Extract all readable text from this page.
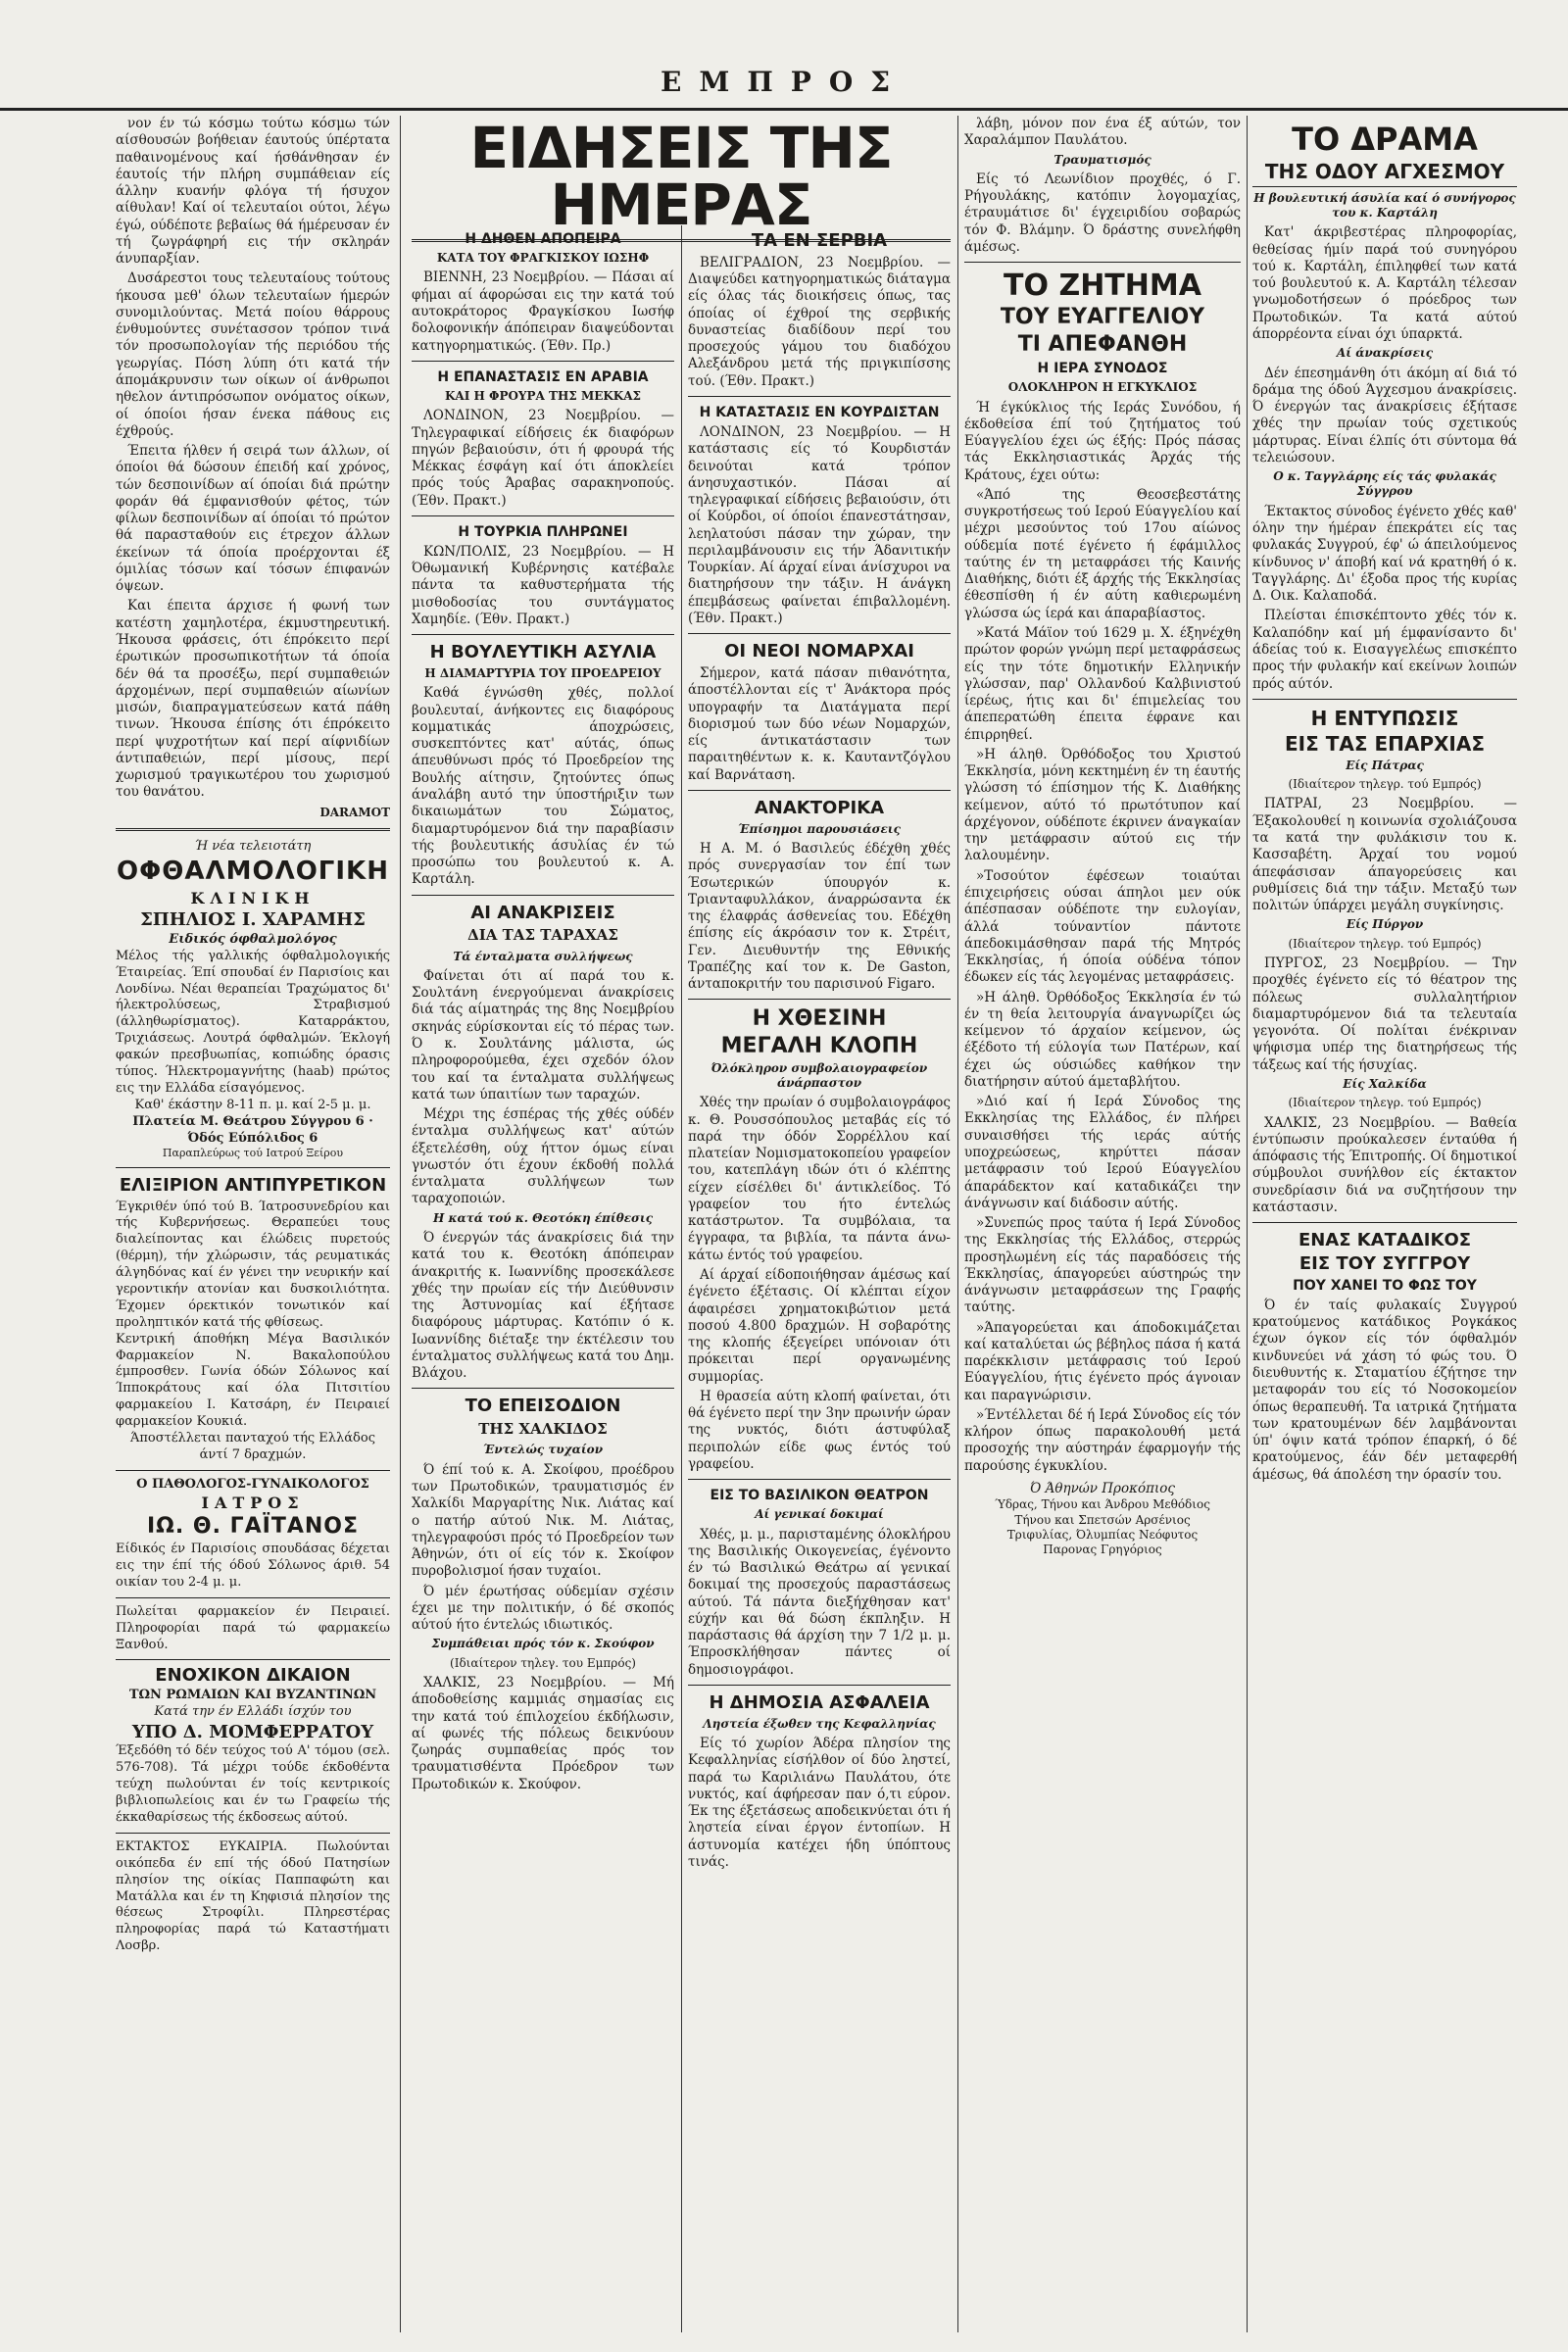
ΕΜΠΡΟΣ

νον έν τώ κόσμω τούτω κόσμω τών αίσθουσών βοήθειαν έαυτούς ύπέρτατα παθαινομένους καί ήσθάνθησαν έν έαυτοίς τήν πλήρη συμπάθειαν είς άλλην κυανήν φλόγα τή ήσυχον αίθυλαν! Καί οί τελευταίοι ούτοι, λέγω έγώ, ούδέποτε βεβαίως θά ήμέρευσαν έν τή ζωγράφηρή εις τήν σκληράν άνυπαρξίαν.

Δυσάρεστοι τους τελευταίους τούτους ήκουσα μεθ' όλων τελευταίων ήμερών συνομιλούντας. Μετά ποίου θάρρους ένθυμούντες συνέτασσον τρόπον τινά τόν προσωπολογίαν τής περιόδου τής γεωργίας. Πόση λύπη ότι κατά τήν άπομάκρυνσιν των οίκων οί άνθρωποι ηθελον άντιπρόσωπον ονόματος οίκων, οί όποίοι ήσαν ένεκα πάθους εις έχθρούς.

Έπειτα ήλθεν ή σειρά των άλλων, οί όποίοι θά δώσουν έπειδή καί χρόνος, τών δεσποινίδων αί όποίαι διά πρώτην φοράν θά έμφανισθούν φέτος, τών φίλων δεσποινίδων αί όποίαι τό πρώτον θά παρασταθούν εις έτρεχον άλλων έκείνων τά όποία προέρχονται έξ όμιλίας τόσων καί τόσων έπιφανών όψεων.

Και έπειτα άρχισε ή φωνή των κατέστη χαμηλοτέρα, έκμυστηρευτική. Ήκουσα φράσεις, ότι έπρόκειτο περί έρωτικών προσωπικοτήτων τά όποία δέν θά τα προσέξω, περί συμπαθειών άρχομένων, περί συμπαθειών αίωνίων μισών, διαπραγματεύσεων κατά πάθη τινων. Ήκουσα έπίσης ότι έπρόκειτο περί ψυχροτήτων καί περί αίφνιδίων άντιπαθειών, περί μίσους, περί χωρισμού τραγικωτέρου του χωρισμού του θανάτου.

DARAMOT
Ή νέα τελειοτάτη
ΟΦΘΑΛΜΟΛΟΓΙΚΗ
ΚΛΙΝΙΚΗ
ΣΠΗΛΙΟΣ Ι. ΧΑΡΑΜΗΣ
Ειδικός όφθαλμολόγος
Μέλος τής γαλλικής όφθαλμολογικής Έταιρείας. Έπί σπουδαί έν Παρισίοις και Λονδίνω. Νέαι θεραπείαι Τραχώματος δι' ήλεκτρολύσεως, Στραβισμού (άλληθωρίσματος). Καταρράκτου, Τριχιάσεως. Λουτρά όφθαλμών. Έκλογή φακών πρεσβυωπίας, κοπιώδης όρασις τύπος. Ήλεκτρομαγνήτης (haab) πρώτος εις την Ελλάδα είσαγόμενος.
Καθ' έκάστην 8-11 π. μ. καί 2-5 μ. μ.
Πλατεία Μ. Θεάτρου Σύγγρου 6 · Όδός Εύπόλιδος 6
Παραπλεύρως τού Ιατρού Ξείρου
ΕΛΙΞΙΡΙΟΝ ΑΝΤΙΠΥΡΕΤΙΚΟΝ
Έγκριθέν ύπό τού Β. Ίατροσυνεδρίου και τής Κυβερνήσεως. Θεραπεύει τους διαλείποντας και έλώδεις πυρετούς (θέρμη), τήν χλώρωσιν, τάς ρευματικάς άλγηδόνας καί έν γένει την νευρικήν καί γεροντικήν ατονίαν και δυσκοιλιότητα. Έχομεν όρεκτικόν τονωτικόν καί προληπτικόν κατά τής φθίσεως.
Κεντρική άποθήκη Μέγα Βασιλικόν Φαρμακείον Ν. Βακαλοπούλου έμπροσθεν. Γωνία όδών Σόλωνος καί Ίπποκράτους καί όλα Πιτσιτίου φαρμακείου Ι. Κατσάρη, έν Πειραιεί φαρμακείον Κουκιά.
Άποστέλλεται πανταχού τής Ελλάδος άντί 7 δραχμών.
Ο ΠΑΘΟΛΟΓΟΣ-ΓΥΝΑΙΚΟΛΟΓΟΣ
ΙΑΤΡΟΣ
ΙΩ. Θ. ΓΑΪΤΑΝΟΣ
Είδικός έν Παρισίοις σπουδάσας δέχεται εις την έπί τής όδού Σόλωνος άριθ. 54 οικίαν του 2-4 μ. μ.
Πωλείται φαρμακείον έν Πειραιεί. Πληροφορίαι παρά τώ φαρμακείω Ξανθού.
ΕΝΟΧΙΚΟΝ ΔΙΚΑΙΟΝ
ΤΩΝ ΡΩΜΑΙΩΝ ΚΑΙ ΒΥΖΑΝΤΙΝΩΝ
Κατά την έν Ελλάδι ίσχύν του
ΥΠΟ Δ. ΜΟΜΦΕΡΡΑΤΟΥ
Έξεδόθη τό δέν τεύχος τού Α' τόμου (σελ. 576-708). Τά μέχρι τούδε έκδοθέντα τεύχη πωλούνται έν τοίς κεντρικοίς βιβλιοπωλείοις και έν τω Γραφείω τής έκκαθαρίσεως τής έκδοσεως αύτού.
ΕΚΤΑΚΤΟΣ ΕΥΚΑΙΡΙΑ. Πωλούνται οικόπεδα έν επί τής όδού Πατησίων πλησίον της οίκίας Παππαφώτη και Ματάλλα και έν τη Κηφισιά πλησίον της θέσεως Στροφίλι. Πληρεστέρας πληροφορίας παρά τώ Καταστήματι Λοσβρ.
ΕΙΔΗΣΕΙΣ ΤΗΣ ΗΜΕΡΑΣ
Η ΔΗΘΕΝ ΑΠΟΠΕΙΡΑ
ΚΑΤΑ ΤΟΥ ΦΡΑΓΚΙΣΚΟΥ ΙΩΣΗΦ

ΒΙΕΝΝΗ, 23 Νοεμβρίου. — Πάσαι αί φήμαι αί άφορώσαι εις την κατά τού αυτοκράτορος Φραγκίσκου Ιωσήφ δολοφονικήν άπόπειραν διαψεύδονται κατηγορηματικώς. (Έθν. Πρ.)

Η ΕΠΑΝΑΣΤΑΣΙΣ ΕΝ ΑΡΑΒΙΑ
ΚΑΙ Η ΦΡΟΥΡΑ ΤΗΣ ΜΕΚΚΑΣ

ΛΟΝΔΙΝΟΝ, 23 Νοεμβρίου. — Τηλεγραφικαί είδήσεις έκ διαφόρων πηγών βεβαιούσιν, ότι ή φρουρά τής Μέκκας έσφάγη καί ότι άποκλείει πρός τούς Άραβας σαρακηνοπούς. (Έθν. Πρακτ.)

Η ΤΟΥΡΚΙΑ ΠΛΗΡΩΝΕΙ

ΚΩΝ/ΠΟΛΙΣ, 23 Νοεμβρίου. — Η Όθωμανική Κυβέρνησις κατέβαλε πάντα τα καθυστερήματα τής μισθοδοσίας του συντάγματος Χαμηδίε. (Έθν. Πρακτ.)

Η ΒΟΥΛΕΥΤΙΚΗ ΑΣΥΛΙΑ
Η ΔΙΑΜΑΡΤΥΡΙΑ ΤΟΥ ΠΡΟΕΔΡΕΙΟΥ

Καθά έγνώσθη χθές, πολλοί βουλευταί, άνήκοντες εις διαφόρους κομματικάς άποχρώσεις, συσκεπτόντες κατ' αύτάς, όπως άπευθύνωσι πρός τό Προεδρείον της Βουλής αίτησιν, ζητούντες όπως άναλάβη αυτό την ύποστήριξιν των δικαιωμάτων του Σώματος, διαμαρτυρόμενον διά την παραβίασιν τής βουλευτικής άσυλίας έν τώ προσώπω του βουλευτού κ. Α. Καρτάλη.

ΑΙ ΑΝΑΚΡΙΣΕΙΣ
ΔΙΑ ΤΑΣ ΤΑΡΑΧΑΣ
Τά ένταλματα συλλήψεως

Φαίνεται ότι αί παρά του κ. Σουλτάνη ένεργούμεναι άνακρίσεις διά τάς αίματηράς της 8ης Νοεμβρίου σκηνάς εύρίσκονται είς τό πέρας των. Ό κ. Σουλτάνης μάλιστα, ώς πληροφορούμεθα, έχει σχεδόν όλον του καί τα ένταλματα συλλήψεως κατά των ύπαιτίων των ταραχών.

Μέχρι της έσπέρας τής χθές ούδέν ένταλμα συλλήψεως κατ' αύτών έξετελέσθη, ούχ ήττον όμως είναι γνωστόν ότι έχουν έκδοθή πολλά ένταλματα συλλήψεων των ταραχοποιών.

Η κατά τού κ. Θεοτόκη έπίθεσις

Ό ένεργών τάς άνακρίσεις διά την κατά του κ. Θεοτόκη άπόπειραν άνακριτής κ. Ιωαννίδης προσεκάλεσε χθές την πρωίαν είς τήν Διεύθυνσιν της Άστυνομίας καί έξήτασε διαφόρους μάρτυρας. Κατόπιν ό κ. Ιωαννίδης διέταξε την έκτέλεσιν του ένταλματος συλλήψεως κατά του Δημ. Βλάχου.

ΤΟ ΕΠΕΙΣΟΔΙΟΝ
ΤΗΣ ΧΑΛΚΙΔΟΣ
Έντελώς τυχαίον

Ό έπί τού κ. Α. Σκοίφου, προέδρου των Πρωτοδικών, τραυματισμός έν Χαλκίδι Μαργαρίτης Νικ. Λιάτας καί ο πατήρ αύτού Νικ. Μ. Λιάτας, τηλεγραφούσι πρός τό Προεδρείον των Άθηνών, ότι οί είς τόν κ. Σκοίφον πυροβολισμοί ήσαν τυχαίοι.

Ό μέν έρωτήσας ούδεμίαν σχέσιν έχει με την πολιτικήν, ό δέ σκοπός αύτού ήτο έντελώς ιδιωτικός.

Συμπάθειαι πρός τόν κ. Σκούφον
(Ιδιαίτερον τηλεγ. του Εμπρός)

ΧΑΛΚΙΣ, 23 Νοεμβρίου. — Μή άποδοθείσης καμμιάς σημασίας εις την κατά τού έπιλοχείου έκδήλωσιν, αί φωνές τής πόλεως δεικνύουν ζωηράς συμπαθείας πρός τον τραυματισθέντα Πρόεδρον των Πρωτοδικών κ. Σκούφον.

ΤΑ ΕΝ ΣΕΡΒΙΑ

ΒΕΛΙΓΡΑΔΙΟΝ, 23 Νοεμβρίου. — Διαψεύδει κατηγορηματικώς διάταγμα είς όλας τάς διοικήσεις όπως, τας όποίας οί έχθροί της σερβικής δυναστείας διαδίδουν περί του προσεχούς γάμου του διαδόχου Αλεξάνδρου μετά τής πριγκιπίσσης τού. (Έθν. Πρακτ.)

Η ΚΑΤΑΣΤΑΣΙΣ ΕΝ ΚΟΥΡΔΙΣΤΑΝ

ΛΟΝΔΙΝΟΝ, 23 Νοεμβρίου. — Η κατάστασις είς τό Κουρδιστάν δεινούται κατά τρόπον άνησυχαστικόν. Πάσαι αί τηλεγραφικαί είδήσεις βεβαιούσιν, ότι οί Κούρδοι, οί όποίοι έπανεστάτησαν, λεηλατούσι πάσαν την χώραν, την περιλαμβάνουσιν εις τήν Άδανιτικήν Τουρκίαν. Αί άρχαί είναι άνίσχυροι να διατηρήσουν την τάξιν. Η άνάγκη έπεμβάσεως φαίνεται έπιβαλλομένη. (Έθν. Πρακτ.)

ΟΙ ΝΕΟΙ ΝΟΜΑΡΧΑΙ

Σήμερον, κατά πάσαν πιθανότητα, άποστέλλονται είς τ' Άνάκτορα πρός υπογραφήν τα Διατάγματα περί διορισμού των δύο νέων Νομαρχών, είς άντικατάστασιν των παραιτηθέντων κ. κ. Καυταντζόγλου καί Βαρνάταση.

ΑΝΑΚΤΟΡΙΚΑ
Έπίσημοι παρουσιάσεις

Η Α. Μ. ό Βασιλεύς έδέχθη χθές πρός συνεργασίαν τον έπί των Έσωτερικών ύπουργόν κ. Τριανταφυλλάκον, άναρρώσαντα έκ της έλαφράς άσθενείας του. Εδέχθη έπίσης είς άκρόασιν τον κ. Στρέιτ, Γεν. Διευθυντήν της Εθνικής Τραπέζης καί τον κ. De Gaston, άνταποκριτήν του παρισινού Figaro.

Η ΧΘΕΣΙΝΗ
ΜΕΓΑΛΗ ΚΛΟΠΗ
Όλόκληρον συμβολαιογραφείον άνάρπαστον

Χθές την πρωίαν ό συμβολαιογράφος κ. Θ. Ρουσσόπουλος μεταβάς είς τό παρά την όδόν Σορρέλλου καί πλατείαν Νομισματοκοπείου γραφείον του, κατεπλάγη ιδών ότι ό κλέπτης είχεν είσέλθει δι' άντικλείδος. Τό γραφείον του ήτο έντελώς κατάστρωτον. Τα συμβόλαια, τα έγγραφα, τα βιβλία, τα πάντα άνω-κάτω έντός τού γραφείου.

Αί άρχαί είδοποιήθησαν άμέσως καί έγένετο έξέτασις. Οί κλέπται είχον άφαιρέσει χρηματοκιβώτιον μετά ποσού 4.800 δραχμών. Η σοβαρότης της κλοπής έξεγείρει υπόνοιαν ότι πρόκειται περί οργανωμένης συμμορίας.

Η θρασεία αύτη κλοπή φαίνεται, ότι θά έγένετο περί την 3ην πρωινήν ώραν της νυκτός, διότι άστυφύλαξ περιπολών είδε φως έντός τού γραφείου.

ΕΙΣ ΤΟ ΒΑΣΙΛΙΚΟΝ ΘΕΑΤΡΟΝ
Αί γενικαί δοκιμαί

Χθές, μ. μ., παρισταμένης όλοκλήρου της Βασιλικής Οικογενείας, έγένοντο έν τώ Βασιλικώ Θεάτρω αί γενικαί δοκιμαί της προσεχούς παραστάσεως αύτού. Τά πάντα διεξήχθησαν κατ' εύχήν και θά δώση έκπληξιν. Η παράστασις θά άρχίση την 7 1/2 μ. μ. Έπροσκλήθησαν πάντες οί δημοσιογράφοι.

Η ΔΗΜΟΣΙΑ ΑΣΦΑΛΕΙΑ
Ληστεία έξωθεν της Κεφαλληνίας

Είς τό χωρίον Άδέρα πλησίον της Κεφαλληνίας είσήλθον οί δύο ληστεί, παρά τω Καριλιάνω Παυλάτου, ότε νυκτός, καί άφήρεσαν παν ό,τι εύρον. Έκ της έξετάσεως αποδεικνύεται ότι ή ληστεία είναι έργον έντοπίων. Η άστυνομία κατέχει ήδη ύπόπτους τινάς.

λάβη, μόνον πον ένα έξ αύτών, τον Χαραλάμπον Παυλάτου.

Τραυματισμός

Είς τό Λεωνίδιον προχθές, ό Γ. Ρήγουλάκης, κατόπιν λογομαχίας, έτραυμάτισε δι' έγχειριδίου σοβαρώς τόν Φ. Βλάμην. Ό δράστης συνελήφθη άμέσως.

ΤΟ ΖΗΤΗΜΑ
ΤΟΥ ΕΥΑΓΓΕΛΙΟΥ
ΤΙ ΑΠΕΦΑΝΘΗ
Η ΙΕΡΑ ΣΥΝΟΔΟΣ
ΟΛΟΚΛΗΡΟΝ Η ΕΓΚΥΚΛΙΟΣ

Ή έγκύκλιος τής Ιεράς Συνόδου, ή έκδοθείσα έπί τού ζητήματος τού Εύαγγελίου έχει ώς έξής: Πρός πάσας τάς Εκκλησιαστικάς Άρχάς τής Κράτους, έχει ούτω:

«Άπό της Θεοσεβεστάτης συγκροτήσεως τού Ιερού Εύαγγελίου καί μέχρι μεσούντος τού 17ου αίώνος ούδεμία ποτέ έγένετο ή έφάμιλλος ταύτης έν τη μεταφράσει τής Καινής Διαθήκης, διότι έξ άρχής τής Έκκλησίας έθεσπίσθη ή έν αύτη καθιερωμένη γλώσσα ώς ίερά και άπαραβίαστος.

»Κατά Μάϊον τού 1629 μ. Χ. έξηνέχθη πρώτον φορών γνώμη περί μεταφράσεως είς την τότε δημοτικήν Ελληνικήν γλώσσαν, παρ' Ολλανδού Καλβινιστού ίερέως, ήτις και δι' έπιμελείας του άπεπερατώθη έπειτα έφρανε και έπιρρηθεί.

»Η άληθ. Όρθόδοξος του Χριστού Έκκλησία, μόνη κεκτημένη έν τη έαυτής γλώσση τό έπίσημον τής Κ. Διαθήκης κείμενον, αύτό τό πρωτότυπον καί άρχέγονον, ούδέποτε έκρινεν άναγκαίαν την μετάφρασιν αύτού εις τήν λαλουμένην.

»Τοσούτον έφέσεων τοιαύται έπιχειρήσεις ούσαι άπηλοι μεν ούκ άπέσπασαν ούδέποτε την ευλογίαν, άλλά τούναντίον πάντοτε άπεδοκιμάσθησαν παρά τής Μητρός Έκκλησίας, ή όποία ούδένα τόπον έδωκεν είς τάς λεγομένας μεταφράσεις.

»Η άληθ. Όρθόδοξος Έκκλησία έν τώ έν τη θεία λειτουργία άναγνωρίζει ώς κείμενον τό άρχαίον κείμενον, ώς έξέδοτο τή εύλογία των Πατέρων, καί έχει ώς ούσιώδες καθήκον την διατήρησιν αύτού άμεταβλήτου.

»Διό καί ή Ιερά Σύνοδος της Εκκλησίας της Ελλάδος, έν πλήρει συναισθήσει τής ιεράς αύτής υποχρεώσεως, κηρύττει πάσαν μετάφρασιν τού Ιερού Εύαγγελίου άπαράδεκτον καί καταδικάζει την άνάγνωσιν καί διάδοσιν αύτής.

»Συνεπώς προς ταύτα ή Ιερά Σύνοδος της Εκκλησίας τής Ελλάδος, στερρώς προσηλωμένη είς τάς παραδόσεις τής Έκκλησίας, άπαγορεύει αύστηρώς την άνάγνωσιν μεταφράσεων της Γραφής ταύτης.

»Άπαγορεύεται και άποδοκιμάζεται καί καταλύεται ώς βέβηλος πάσα ή κατά παρέκκλισιν μετάφρασις τού Ιερού Εύαγγελίου, ήτις έγένετο πρός άγνοιαν και παραγνώρισιν.

»Έντέλλεται δέ ή Ιερά Σύνοδος είς τόν κλήρον όπως παρακολουθή μετά προσοχής την αύστηράν έφαρμογήν τής παρούσης έγκυκλίου.

Ό Άθηνών Προκόπιος
Ύδρας, Τήνου και Άνδρου Μεθόδιος
Τήνου και Σπετσών Αρσένιος
Τριφυλίας, Όλυμπίας Νεόφυτος
Παρονας Γρηγόριος
ΤΟ ΔΡΑΜΑ
ΤΗΣ ΟΔΟΥ ΑΓΧΕΣΜΟΥ
Η βουλευτική άσυλία καί ό συνήγορος του κ. Καρτάλη

Κατ' άκριβεστέρας πληροφορίας, θεθείσας ήμίν παρά τού συνηγόρου τού κ. Καρτάλη, έπιληφθεί των κατά τού βουλευτού κ. Α. Καρτάλη τέλεσαν γνωμοδοτήσεων ό πρόεδρος των Πρωτοδικών. Τα κατά αύτού άπορρέοντα είναι όχι ύπαρκτά.

Αί άνακρίσεις

Δέν έπεσημάνθη ότι άκόμη αί διά τό δράμα της όδού Άγχεσμου άνακρίσεις. Ό ένεργών τας άνακρίσεις έξήτασε χθές την πρωίαν τούς σχετικούς μάρτυρας. Είναι έλπίς ότι σύντομα θά τελειώσουν.

Ο κ. Ταγγλάρης είς τάς φυλακάς Σύγγρου

Έκτακτος σύνοδος έγένετο χθές καθ' όλην την ήμέραν έπεκράτει είς τας φυλακάς Συγγρού, έφ' ώ άπειλούμενος κίνδυνος ν' άποβή καί νά κρατηθή ό κ. Ταγγλάρης. Δι' έξοδα προς τής κυρίας Δ. Οικ. Καλαποδά.

Πλείσται έπισκέπτοντο χθές τόν κ. Καλαπόδην καί μή έμφανίσαντο δι' άδείας τού κ. Εισαγγελέως επισκέπτο προς τήν φυλακήν καί εκείνων λοιπών πρός αύτόν.

Η ΕΝΤΥΠΩΣΙΣ
ΕΙΣ ΤΑΣ ΕΠΑΡΧΙΑΣ
Είς Πάτρας
(Ιδιαίτερον τηλεγρ. τού Εμπρός)

ΠΑΤΡΑΙ, 23 Νοεμβρίου. — Έξακολουθεί η κοινωνία σχολιάζουσα τα κατά την φυλάκισιν του κ. Κασσαβέτη. Άρχαί του νομού άπεφάσισαν άπαγορεύσεις και ρυθμίσεις διά την τάξιν. Μεταξύ των πολιτών ύπάρχει μεγάλη συγκίνησις.

Είς Πύργον
(Ιδιαίτερον τηλεγρ. τού Εμπρός)

ΠΥΡΓΟΣ, 23 Νοεμβρίου. — Την προχθές έγένετο είς τό θέατρον της πόλεως συλλαλητήριον διαμαρτυρόμενον διά τα τελευταία γεγονότα. Οί πολίται ένέκριναν ψήφισμα υπέρ της διατηρήσεως τής τάξεως καί τής ήσυχίας.

Είς Χαλκίδα
(Ιδιαίτερον τηλεγρ. τού Εμπρός)

ΧΑΛΚΙΣ, 23 Νοεμβρίου. — Βαθεία έντύπωσιν προύκαλεσεν ένταύθα ή άπόφασις τής Έπιτροπής. Οί δημοτικοί σύμβουλοι συνήλθον είς έκτακτον συνεδρίασιν διά να συζητήσουν την κατάστασιν.

ΕΝΑΣ ΚΑΤΑΔΙΚΟΣ
ΕΙΣ ΤΟΥ ΣΥΓΓΡΟΥ
ΠΟΥ ΧΑΝΕΙ ΤΟ ΦΩΣ ΤΟΥ

Ό έν ταίς φυλακαίς Συγγρού κρατούμενος κατάδικος Ρογκάκος έχων όγκον είς τόν όφθαλμόν κινδυνεύει νά χάση τό φώς του. Ό διευθυντής κ. Σταματίου έζήτησε την μεταφοράν του είς τό Νοσοκομείον όπως θεραπευθή. Τα ιατρικά ζητήματα των κρατουμένων δέν λαμβάνονται ύπ' όψιν κατά τρόπον έπαρκή, ό δέ κρατούμενος, έάν δέν μεταφερθή άμέσως, θά άπολέση την όρασίν του.
